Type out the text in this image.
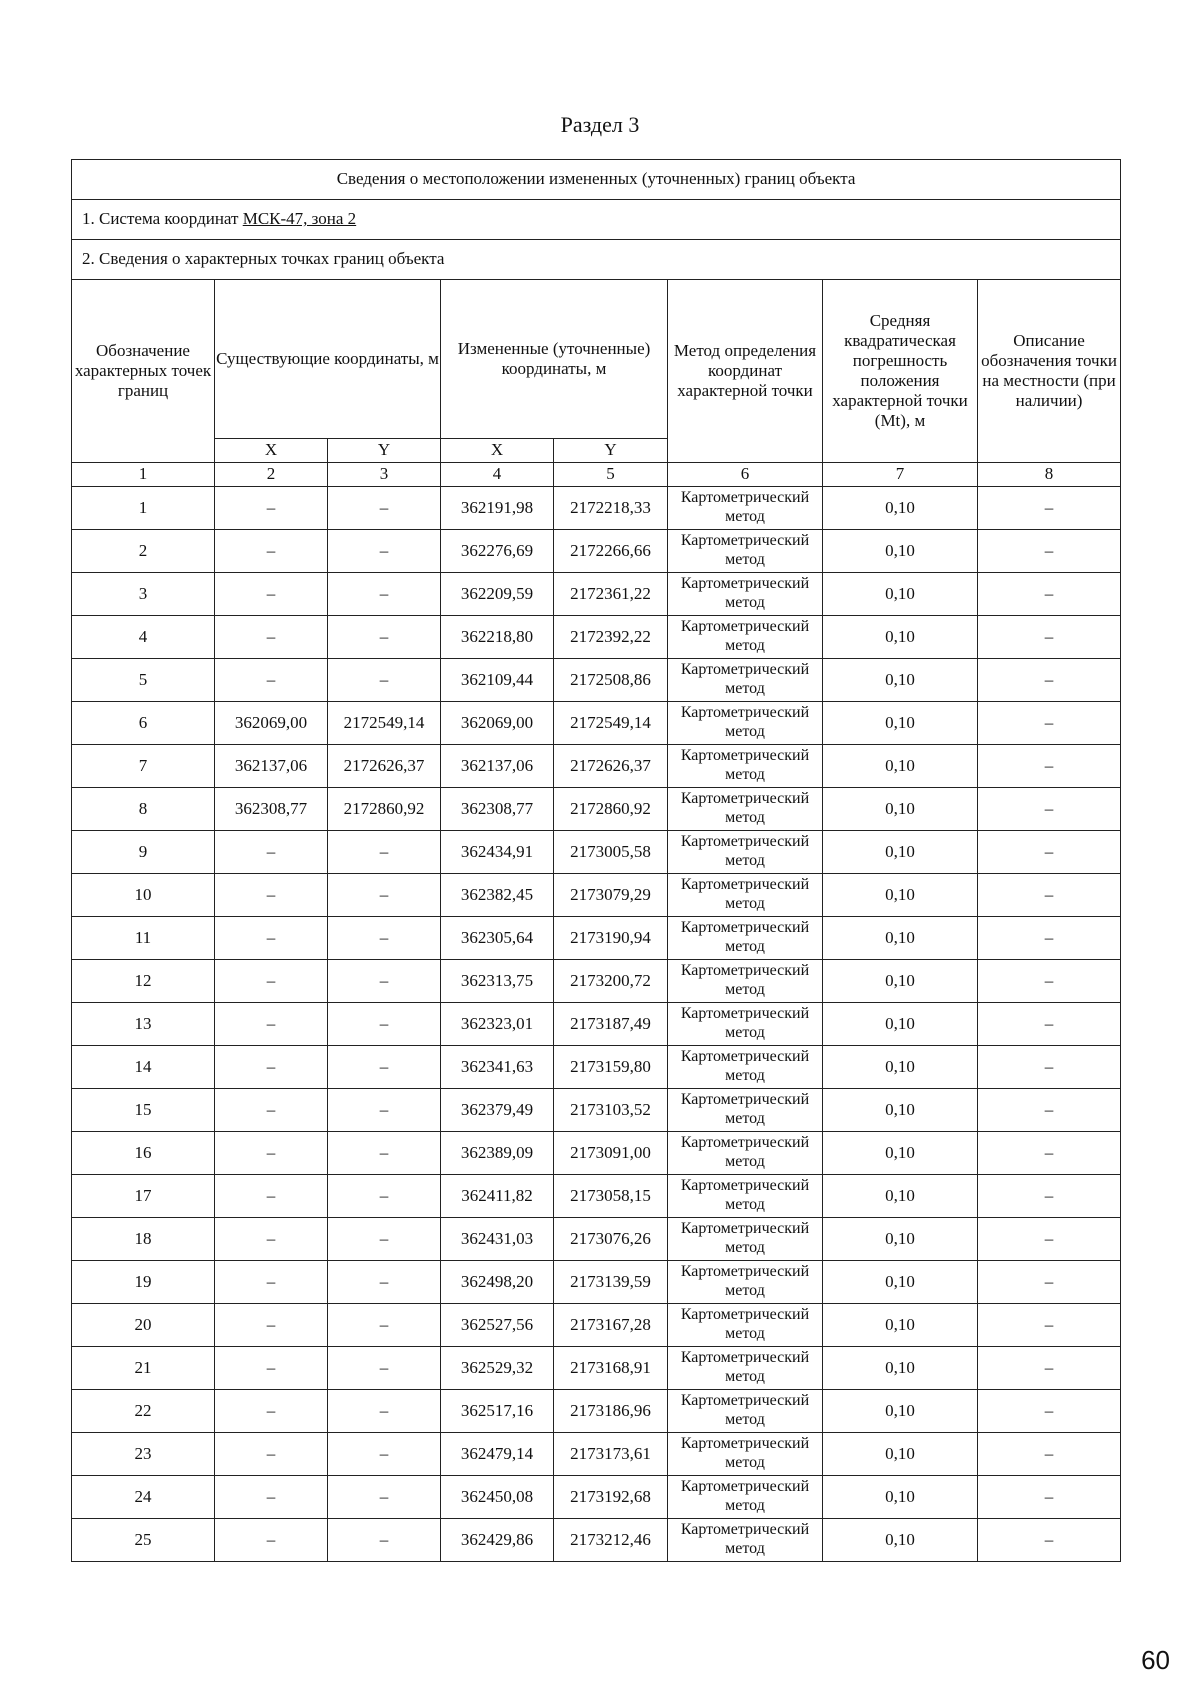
Раздел 3
Сведения о местоположении измененных (уточненных) границ объекта							
1. Система координат МСК-47, зона 2							
2. Сведения о характерных точках границ объекта							
Обозначение характерных точек границ	Существующие координаты, м		Измененные (уточненные) координаты, м		Метод определения координат характерной точки	Средняя квадратическая погрешность положения характерной точки (Mt), м	Описание обозначения точки на местности (при наличии)
	X	Y	X	Y			
1	2	3	4	5	6	7	8
1	–	–	362191,98	2172218,33	Картометрический метод	0,10	–
2	–	–	362276,69	2172266,66	Картометрический метод	0,10	–
3	–	–	362209,59	2172361,22	Картометрический метод	0,10	–
4	–	–	362218,80	2172392,22	Картометрический метод	0,10	–
5	–	–	362109,44	2172508,86	Картометрический метод	0,10	–
6	362069,00	2172549,14	362069,00	2172549,14	Картометрический метод	0,10	–
7	362137,06	2172626,37	362137,06	2172626,37	Картометрический метод	0,10	–
8	362308,77	2172860,92	362308,77	2172860,92	Картометрический метод	0,10	–
9	–	–	362434,91	2173005,58	Картометрический метод	0,10	–
10	–	–	362382,45	2173079,29	Картометрический метод	0,10	–
11	–	–	362305,64	2173190,94	Картометрический метод	0,10	–
12	–	–	362313,75	2173200,72	Картометрический метод	0,10	–
13	–	–	362323,01	2173187,49	Картометрический метод	0,10	–
14	–	–	362341,63	2173159,80	Картометрический метод	0,10	–
15	–	–	362379,49	2173103,52	Картометрический метод	0,10	–
16	–	–	362389,09	2173091,00	Картометрический метод	0,10	–
17	–	–	362411,82	2173058,15	Картометрический метод	0,10	–
18	–	–	362431,03	2173076,26	Картометрический метод	0,10	–
19	–	–	362498,20	2173139,59	Картометрический метод	0,10	–
20	–	–	362527,56	2173167,28	Картометрический метод	0,10	–
21	–	–	362529,32	2173168,91	Картометрический метод	0,10	–
22	–	–	362517,16	2173186,96	Картометрический метод	0,10	–
23	–	–	362479,14	2173173,61	Картометрический метод	0,10	–
24	–	–	362450,08	2173192,68	Картометрический метод	0,10	–
25	–	–	362429,86	2173212,46	Картометрический метод	0,10	–
60
